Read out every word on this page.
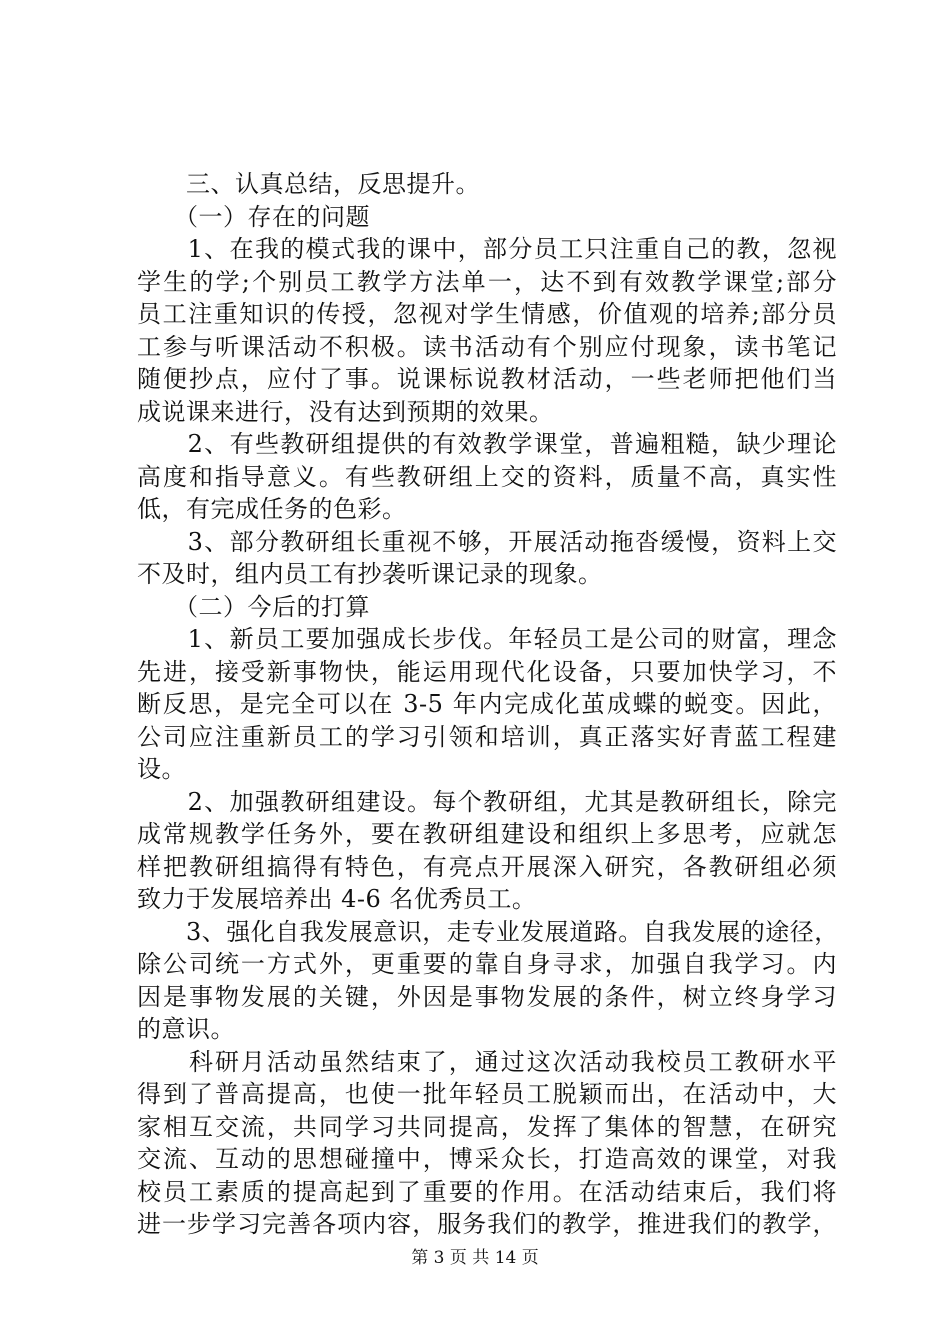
　　三、认真总结，反思提升。
　　（一）存在的问题
　　1、在我的模式我的课中，部分员工只注重自己的教，忽视
学生的学;个别员工教学方法单一，达不到有效教学课堂;部分
员工注重知识的传授，忽视对学生情感，价值观的培养;部分员
工参与听课活动不积极。读书活动有个别应付现象，读书笔记
随便抄点，应付了事。说课标说教材活动，一些老师把他们当
成说课来进行，没有达到预期的效果。
　　2、有些教研组提供的有效教学课堂，普遍粗糙，缺少理论
高度和指导意义。有些教研组上交的资料，质量不高，真实性
低，有完成任务的色彩。
　　3、部分教研组长重视不够，开展活动拖沓缓慢，资料上交
不及时，组内员工有抄袭听课记录的现象。
　　（二）今后的打算
　　1、新员工要加强成长步伐。年轻员工是公司的财富，理念
先进，接受新事物快，能运用现代化设备，只要加快学习，不
断反思，是完全可以在 3-5 年内完成化茧成蝶的蜕变。因此，
公司应注重新员工的学习引领和培训，真正落实好青蓝工程建
设。
　　2、加强教研组建设。每个教研组，尤其是教研组长，除完
成常规教学任务外，要在教研组建设和组织上多思考，应就怎
样把教研组搞得有特色，有亮点开展深入研究，各教研组必须
致力于发展培养出 4-6 名优秀员工。
　　3、强化自我发展意识，走专业发展道路。自我发展的途径，
除公司统一方式外，更重要的靠自身寻求，加强自我学习。内
因是事物发展的关键，外因是事物发展的条件，树立终身学习
的意识。
　　科研月活动虽然结束了，通过这次活动我校员工教研水平
得到了普高提高，也使一批年轻员工脱颖而出，在活动中，大
家相互交流，共同学习共同提高，发挥了集体的智慧，在研究
交流、互动的思想碰撞中，博采众长，打造高效的课堂，对我
校员工素质的提高起到了重要的作用。在活动结束后，我们将
进一步学习完善各项内容，服务我们的教学，推进我们的教学，
第 3 页 共 14 页
